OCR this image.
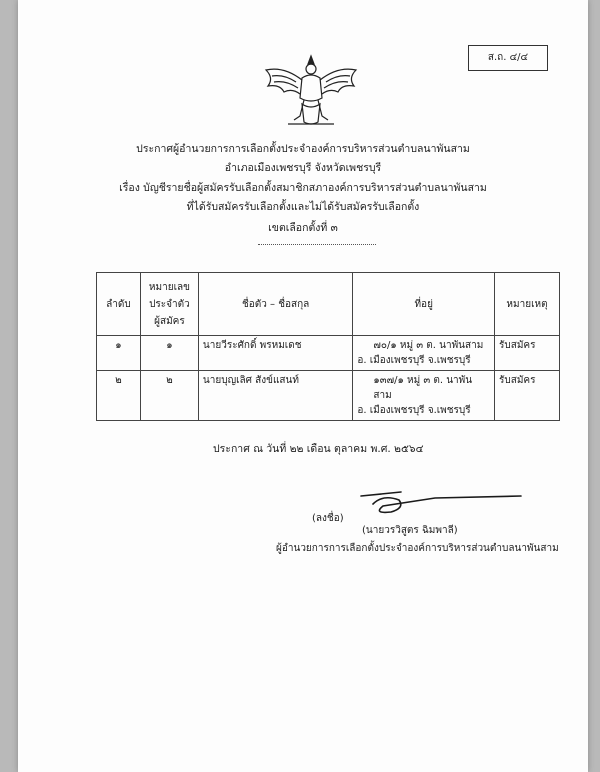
ส.ถ. ๔/๔
ประกาศผู้อำนวยการการเลือกตั้งประจำองค์การบริหารส่วนตำบลนาพันสาม
อำเภอเมืองเพชรบุรี จังหวัดเพชรบุรี
เรื่อง บัญชีรายชื่อผู้สมัครรับเลือกตั้งสมาชิกสภาองค์การบริหารส่วนตำบลนาพันสาม
ที่ได้รับสมัครรับเลือกตั้งและไม่ได้รับสมัครรับเลือกตั้ง
เขตเลือกตั้งที่ ๓
ลำดับ	หมายเลข
ประจำตัว
ผู้สมัคร	ชื่อตัว – ชื่อสกุล	ที่อยู่	หมายเหตุ
๑	๑	นายวีระศักดิ์ พรหมเดช	๗๐/๑ หมู่ ๓ ต. นาพันสาม
อ. เมืองเพชรบุรี จ.เพชรบุรี	รับสมัคร
๒	๒	นายบุญเลิศ สังข์แสนท์	๑๓๗/๑ หมู่ ๓ ต. นาพันสาม
อ. เมืองเพชรบุรี จ.เพชรบุรี	รับสมัคร
ประกาศ ณ วันที่ ๒๒ เดือน ตุลาคม พ.ศ. ๒๕๖๔
(ลงชื่อ)
(นายวรวิสูตร ฉิมพาลี)
ผู้อำนวยการการเลือกตั้งประจำองค์การบริหารส่วนตำบลนาพันสาม
